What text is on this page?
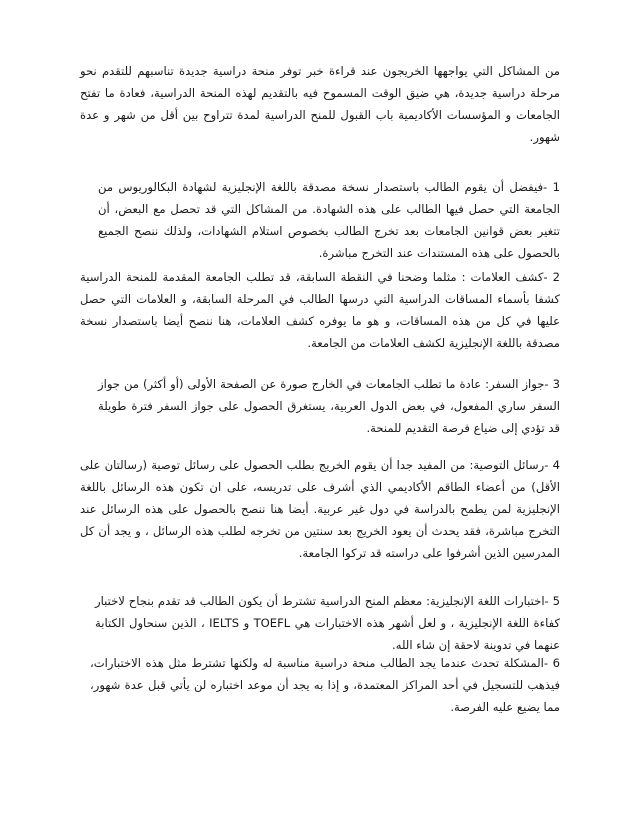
من المشاكل التي يواجهها الخريجون عند قراءة خبر توفر منحة دراسية جديدة تناسبهم للتقدم نحو مرحلة دراسية جديدة، هي ضيق الوقت المسموح فيه بالتقديم لهذه المنحة الدراسية، فعادة ما تفتح الجامعات و المؤسسات الأكاديمية باب القبول للمنح الدراسية لمدة تتراوح بين أقل من شهر و عدة شهور.

1 -فيفضل أن يقوم الطالب باستصدار نسخة مصدقة باللغة الإنجليزية لشهادة البكالوريوس من الجامعة التي حصل فيها الطالب على هذه الشهادة. من المشاكل التي قد تحصل مع البعض، أن تتغير بعض قوانين الجامعات بعد تخرج الطالب بخصوص استلام الشهادات، ولذلك ننصح الجميع بالحصول على هذه المستندات عند التخرج مباشرة.

2 -كشف العلامات : مثلما وضحنا في النقطة السابقة، قد تطلب الجامعة المقدمة للمنحة الدراسية كشفا بأسماء المساقات الدراسية التي درسها الطالب في المرحلة السابقة، و العلامات التي حصل عليها في كل من هذه المساقات، و هو ما يوفره كشف العلامات، هنا ننصح أيضا باستصدار نسخة مصدقة باللغة الإنجليزية لكشف العلامات من الجامعة.

3 -جواز السفر: عادة ما تطلب الجامعات في الخارج صورة عن الصفحة الأولى (أو أكثر) من جواز السفر ساري المفعول، في بعض الدول العربية، يستغرق الحصول على جواز السفر فترة طويلة قد تؤدي إلى ضياع فرصة التقديم للمنحة.

4 -رسائل التوصية: من المفيد جدا أن يقوم الخريج بطلب الحصول على رسائل توصية (رسالتان على الأقل) من أعضاء الطاقم الأكاديمي الذي أشرف على تدريسه، على ان تكون هذه الرسائل باللغة الإنجليزية لمن يطمح بالدراسة في دول غير عربية. أيضا هنا ننصح بالحصول على هذه الرسائل عند التخرج مباشرة، فقد يحدث أن يعود الخريج بعد سنتين من تخرجه لطلب هذه الرسائل ، و يجد أن كل المدرسين الذين أشرفوا على دراسته قد تركوا الجامعة.

5 -اختبارات اللغة الإنجليزية: معظم المنح الدراسية تشترط أن يكون الطالب قد تقدم بنجاح لاختبار كفاءة اللغة الإنجليزية ، و لعل أشهر هذه الاختبارات هي TOEFL و IELTS ، الذين سنحاول الكتابة عنهما في تدوينة لاحقة إن شاء الله.

6 -المشكلة تحدث عندما يجد الطالب منحة دراسية مناسبة له ولكنها تشترط مثل هذه الاختبارات، فيذهب للتسجيل في أحد المراكز المعتمدة، و إذا به يجد أن موعد اختباره لن يأتي قبل عدة شهور، مما يضيع عليه الفرصة.
